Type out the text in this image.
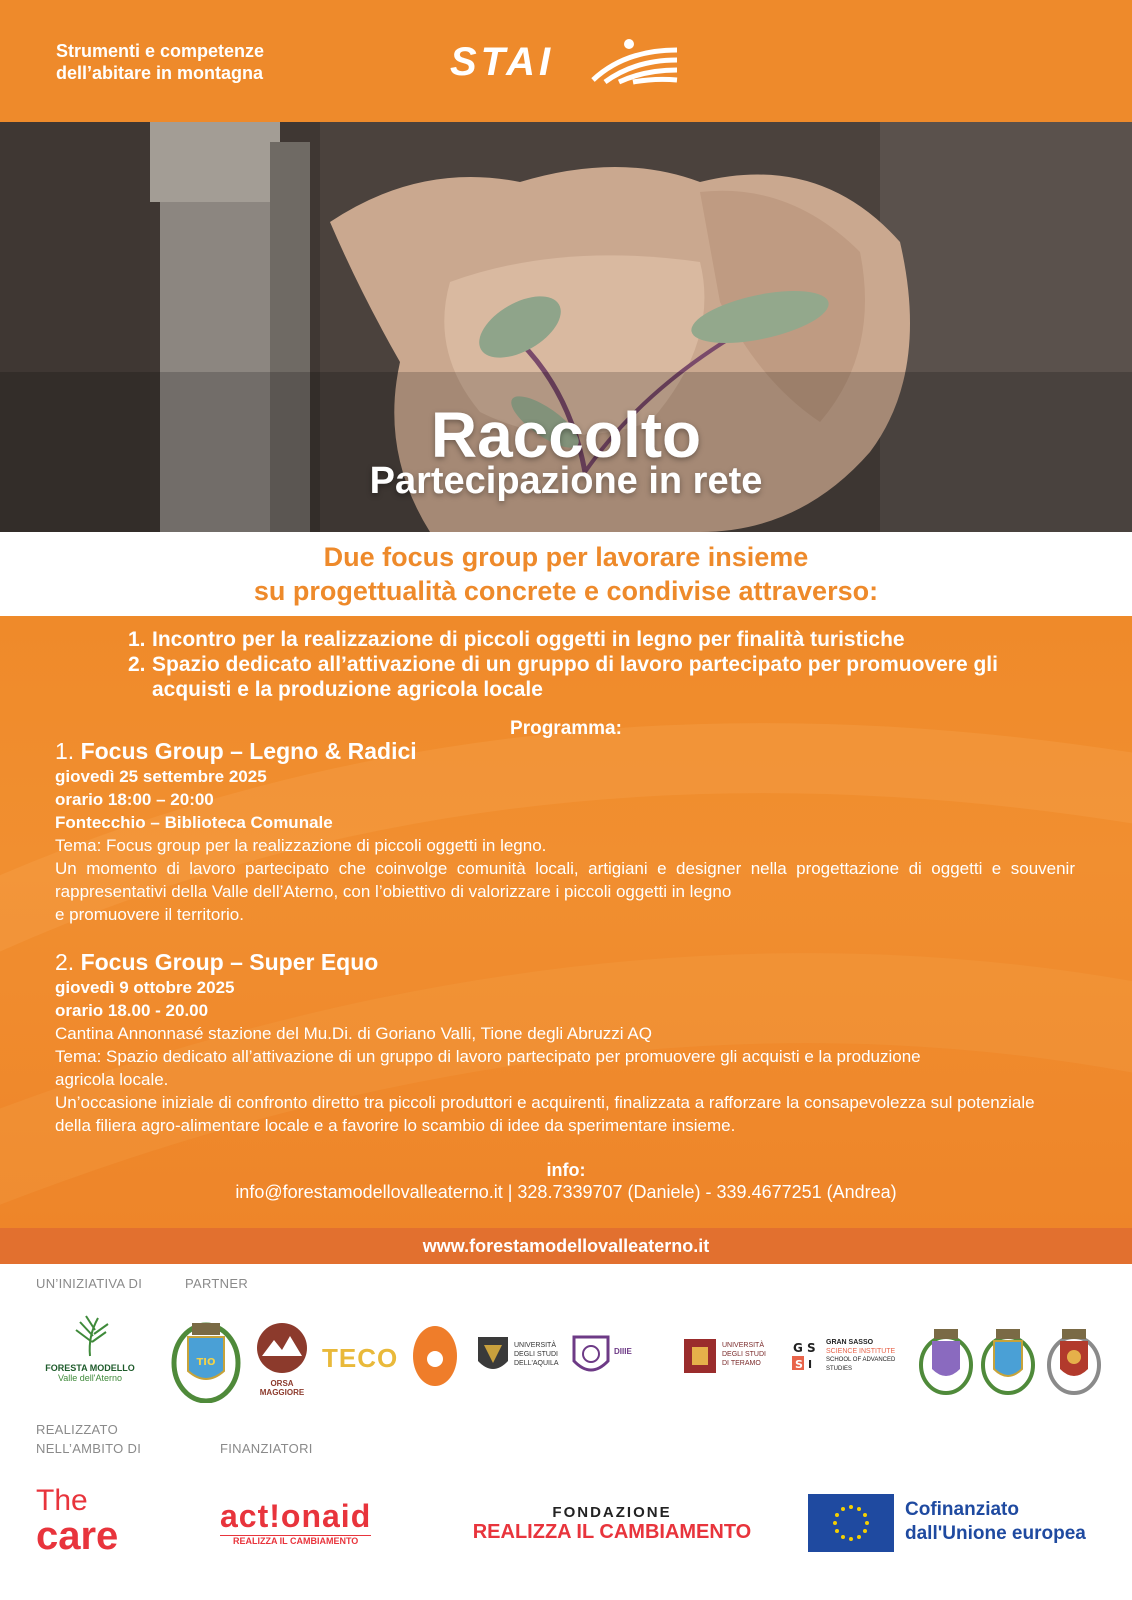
Strumenti e competenze
dell’abitare in montagna	STAI
Raccolto
Partecipazione in rete
Due focus group per lavorare insieme
su progettualità concrete e condivise attraverso:
1. Incontro per la realizzazione di piccoli oggetti in legno per finalità turistiche
2. Spazio dedicato all’attivazione di un gruppo di lavoro partecipato per promuovere gli acquisti e la produzione agricola locale
Programma:
1. Focus Group – Legno & Radici
giovedì 25 settembre 2025
orario 18:00 – 20:00
Fontecchio – Biblioteca Comunale
Tema: Focus group per la realizzazione di piccoli oggetti in legno.
Un momento di lavoro partecipato che coinvolge comunità locali, artigiani e designer nella progettazione di oggetti e souvenir rappresentativi della Valle dell’Aterno, con l’obiettivo di valorizzare i piccoli oggetti in legno
e promuovere il territorio.
2. Focus Group – Super Equo
giovedì 9 ottobre 2025
orario 18.00 - 20.00
Cantina Annonnasé stazione del Mu.Di. di Goriano Valli, Tione degli Abruzzi AQ
Tema: Spazio dedicato all’attivazione di un gruppo di lavoro partecipato per promuovere gli acquisti e la produzione agricola locale.
Un’occasione iniziale di confronto diretto tra piccoli produttori e acquirenti, finalizzata a rafforzare la consapevolezza sul potenziale della filiera agro-alimentare locale e a favorire lo scambio di idee da sperimentare insieme.
info:
info@forestamodellovalleaterno.it | 328.7339707 (Daniele) - 339.4677251 (Andrea)
www.forestamodellovalleaterno.it
UN’INIZIATIVA DI	PARTNER
REALIZZATO
NELL’AMBITO DI	FINANZIATORI
FORESTA MODELLO
Valle dell'Aterno
TIO
ORSA MAGGIORE
TECO	UNIVERSITÀ DEGLI STUDI DELL'AQUILA
DIIIE
UNIVERSITÀ DEGLI STUDI DI TERAMO
G S
S I
GRAN SASSO
SCIENCE INSTITUTE
SCHOOL OF ADVANCED STUDIES
The
care	act!onaid
REALIZZA IL CAMBIAMENTO
FONDAZIONE
REALIZZA IL CAMBIAMENTO
Cofinanziato
dall'Unione europea
